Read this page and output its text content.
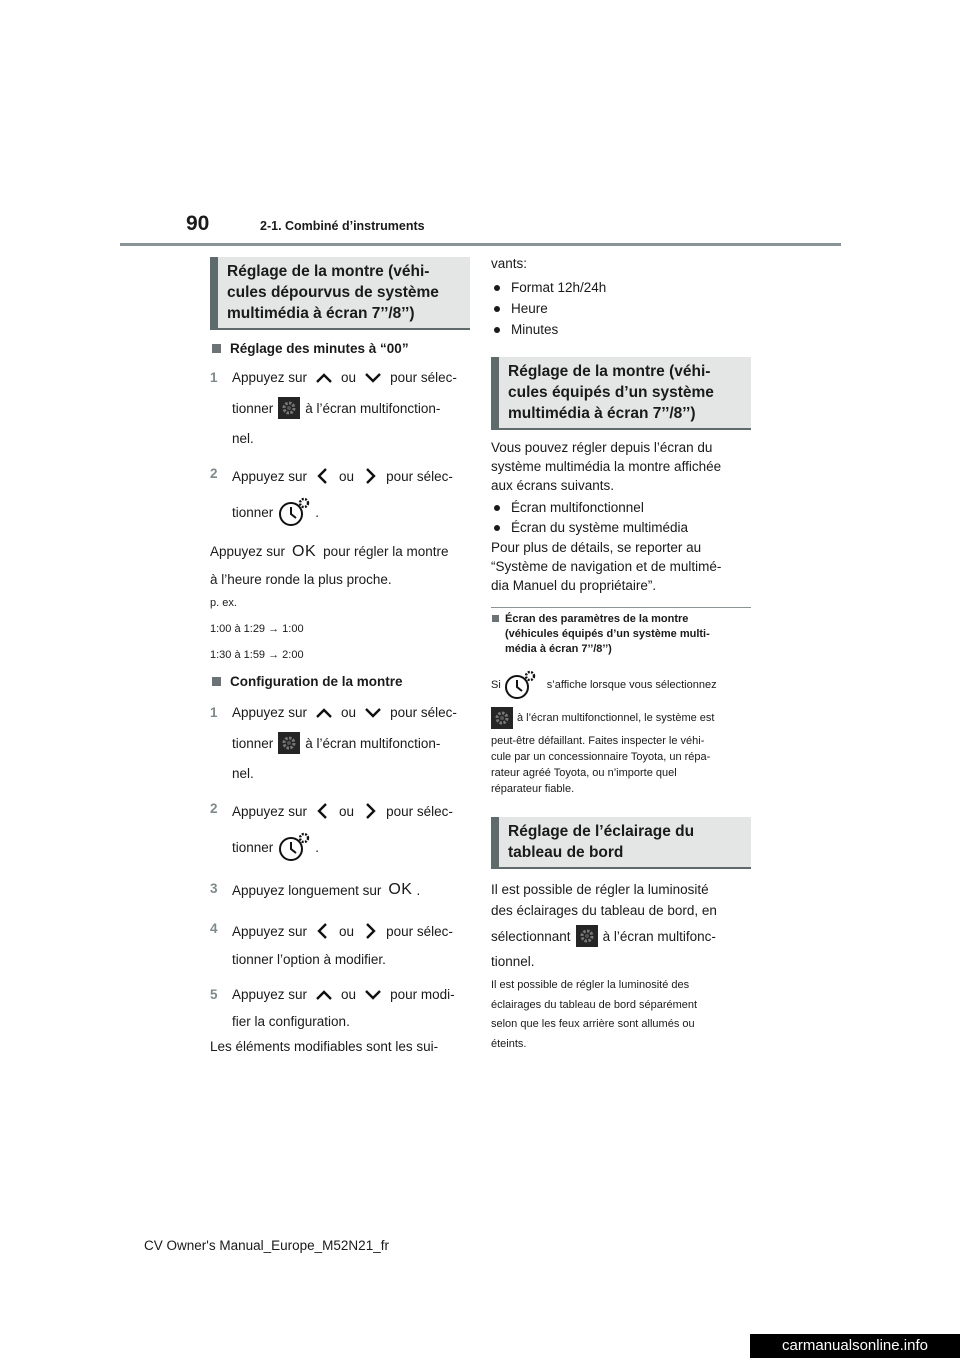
90	2-1. Combiné d’instruments
Réglage de la montre (véhi-cules dépourvus de système multimédia à écran 7’’/8’’)
Réglage des minutes à “00”
1	Appuyez sur	ou	pour sélec-
tionner à l’écran multifonction-
nel.
2	Appuyez sur ou pour sélec-
tionner	.
Appuyez sur OK pour régler la montre
à l’heure ronde la plus proche.
p. ex.
1:00 à 1:29 → 1:00
1:30 à 1:59 → 2:00
Configuration de la montre
1	Appuyez sur	ou	pour sélec-
tionner à l’écran multifonction-
nel.
2	Appuyez sur ou pour sélec-
tionner	.
3	Appuyez longuement sur OK .
4	Appuyez sur ou pour sélec-
tionner l’option à modifier.
5	Appuyez sur	ou	pour modi-
fier la configuration.
Les éléments modifiables sont les sui-
vants:
Format 12h/24h
Heure
Minutes
Réglage de la montre (véhi-cules équipés d’un système multimédia à écran 7’’/8’’)
Vous pouvez régler depuis l’écran du
système multimédia la montre affichée
aux écrans suivants.
Écran multifonctionnel
Écran du système multimédia
Pour plus de détails, se reporter au
“Système de navigation et de multimé-
dia Manuel du propriétaire”.
Écran des paramètres de la montre
(véhicules équipés d’un système multi-
média à écran 7’’/8’’)
Si	s’affiche lorsque vous sélectionnez
à l’écran multifonctionnel, le système est
peut-être défaillant. Faites inspecter le véhi-
cule par un concessionnaire Toyota, un répa-
rateur agréé Toyota, ou n’importe quel
réparateur fiable.
Réglage de l’éclairage du tableau de bord
Il est possible de régler la luminosité
des éclairages du tableau de bord, en
sélectionnant à l’écran multifonc-
tionnel.
Il est possible de régler la luminosité des
éclairages du tableau de bord séparément
selon que les feux arrière sont allumés ou
éteints.
CV Owner's Manual_Europe_M52N21_fr
carmanualsonline.info
